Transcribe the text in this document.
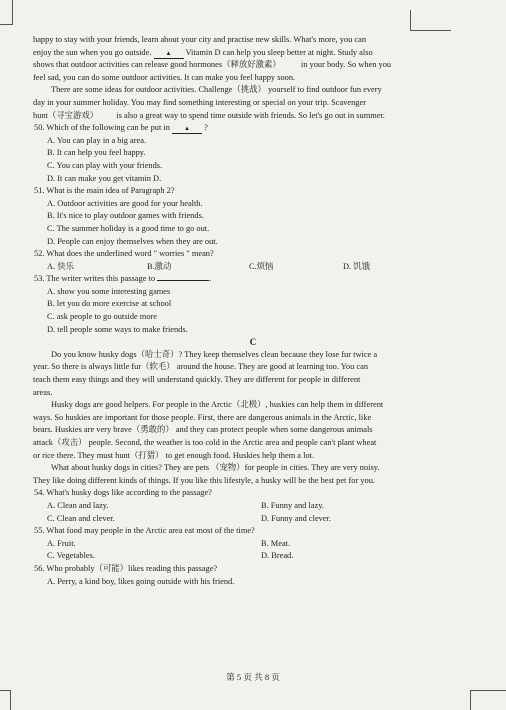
happy to stay with your friends, learn about your city and practise new skills. What's more, you can

enjoy the sun when you go outside. ▲ Vitamin D can help you sleep better at night. Study also

shows that outdoor activities can release good hormones（释放好激素） in your body. So when you

feel sad, you can do some outdoor activities. It can make you feel happy soon.

There are some ideas for outdoor activities. Challenge（挑战） yourself to find outdoor fun every

day in your summer holiday. You may find something interesting or special on your trip. Scavenger

hunt（寻宝游戏） is also a great way to spend time outside with friends. So let's go out in summer.

50. Which of the following can be put in ▲ ?
A. You can play in a big area.
B. It can help you feel happy.
C. You can play with your friends.
D. It can make you get vitamin D.
51. What is the main idea of Paragraph 2?
A. Outdoor activities are good for your health.
B. It's nice to play outdoor games with friends.
C. The summer holiday is a good time to go out.
D. People can enjoy themselves when they are out.
52. What does the underlined word " worries " mean?
A. 快乐	B.激动	C.烦恼	D. 饥饿
53. The writer writes this passage to	.
A. show you some interesting games
B. let you do more exercise at school
C. ask people to go outside more
D. tell people some ways to make friends.
C

Do you know husky dogs（哈士奇）? They keep themselves clean because they lose fur twice a

year. So there is always little fur（软毛） around the house. They are good at learning too. You can

teach them easy things and they will understand quickly. They are different for people in different

areas.

Husky dogs are good helpers. For people in the Arctic（北极）, huskies can help them in different

ways. So huskies are important for those people. First, there are dangerous animals in the Arctic, like

bears. Huskies are very brave（勇敢的） and they can protect people when some dangerous animals

attack（攻击） people. Second, the weather is too cold in the Arctic area and people can't plant wheat

or rice there. They must hunt（打猎） to get enough food. Huskies help them a lot.

What about husky dogs in cities? They are pets （宠物）for people in cities. They are very noisy.

They like doing different kinds of things. If you like this lifestyle, a husky will be the best pet for you.

54. What's husky dogs like according to the passage?
A. Clean and lazy.	B. Funny and lazy.
C. Clean and clever.	D. Funny and clever.
55. What food may people in the Arctic area eat most of the time?
A. Fruit.	B. Meat.
C. Vegetables.	D. Bread.
56. Who probably（可能）likes reading this passage?
A. Perry, a kind boy, likes going outside with his friend.
第 5 页 共 8 页
